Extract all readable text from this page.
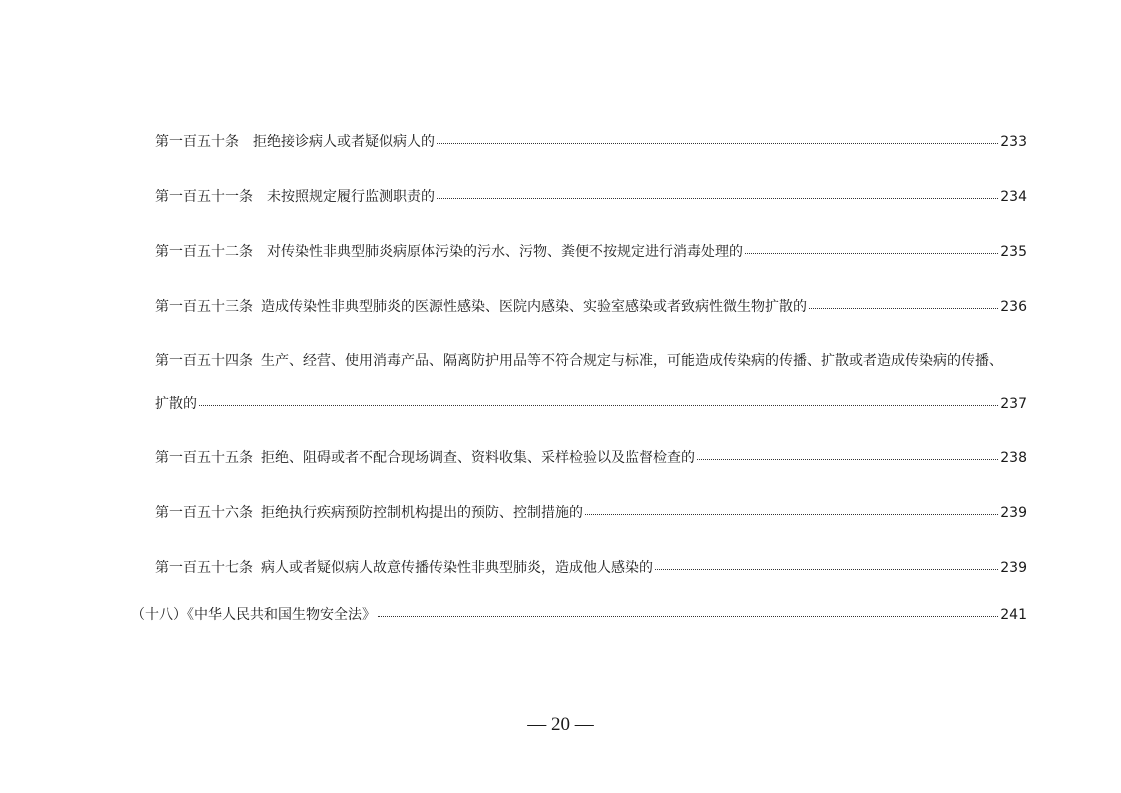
第一百五十条 拒绝接诊病人或者疑似病人的	233
第一百五十一条 未按照规定履行监测职责的	234
第一百五十二条 对传染性非典型肺炎病原体污染的污水、污物、粪便不按规定进行消毒处理的	235
第一百五十三条 造成传染性非典型肺炎的医源性感染、医院内感染、实验室感染或者致病性微生物扩散的	236
第一百五十四条 生产、经营、使用消毒产品、隔离防护用品等不符合规定与标准，可能造成传染病的传播、扩散或者造成传染病的传播、
扩散的	237
第一百五十五条 拒绝、阻碍或者不配合现场调查、资料收集、采样检验以及监督检查的	238
第一百五十六条 拒绝执行疾病预防控制机构提出的预防、控制措施的	239
第一百五十七条 病人或者疑似病人故意传播传染性非典型肺炎，造成他人感染的	239
（十八）《中华人民共和国生物安全法》	241
— 20 —
